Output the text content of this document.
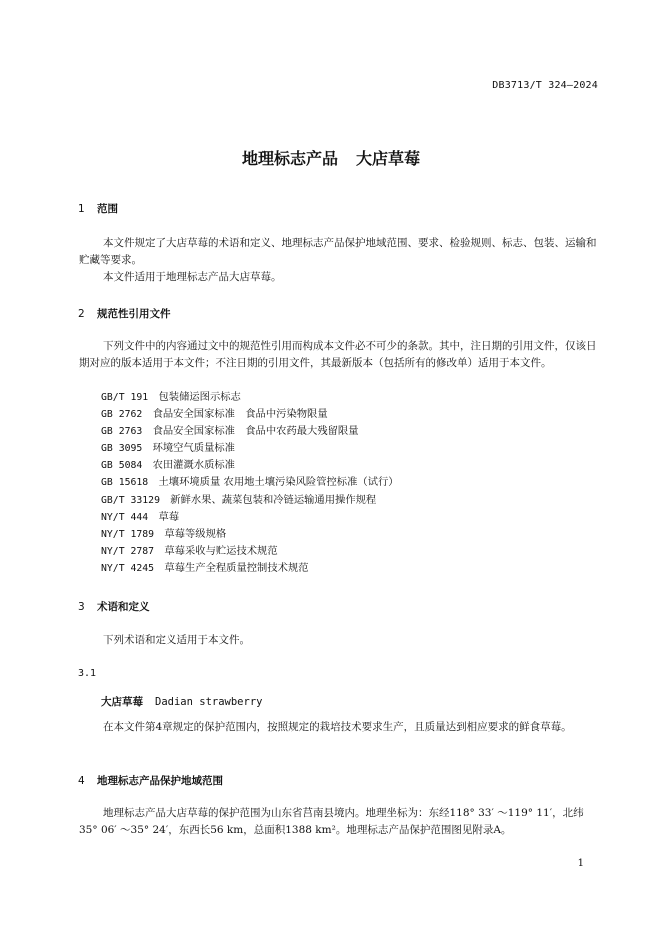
DB3713/T 324—2024
地理标志产品 大店草莓
1 范围
本文件规定了大店草莓的术语和定义、地理标志产品保护地域范围、要求、检验规则、标志、包装、运输和贮藏等要求。
本文件适用于地理标志产品大店草莓。
2 规范性引用文件
下列文件中的内容通过文中的规范性引用而构成本文件必不可少的条款。其中，注日期的引用文件，仅该日期对应的版本适用于本文件；不注日期的引用文件，其最新版本（包括所有的修改单）适用于本文件。
GB/T 191　 包装储运图示标志
GB 2762　 食品安全国家标准　食品中污染物限量
GB 2763　 食品安全国家标准　食品中农药最大残留限量
GB 3095　 环境空气质量标准
GB 5084　 农田灌溉水质标准
GB 15618　 土壤环境质量 农用地土壤污染风险管控标准（试行）
GB/T 33129　 新鲜水果、蔬菜包装和冷链运输通用操作规程
NY/T 444　 草莓
NY/T 1789　 草莓等级规格
NY/T 2787　 草莓采收与贮运技术规范
NY/T 4245　 草莓生产全程质量控制技术规范
3 术语和定义
下列术语和定义适用于本文件。
3.1
大店草莓 Dadian strawberry
在本文件第4章规定的保护范围内，按照规定的栽培技术要求生产，且质量达到相应要求的鲜食草莓。
4 地理标志产品保护地域范围
地理标志产品大店草莓的保护范围为山东省莒南县境内。地理坐标为：东经118° 33′ ～119° 11′，北纬35° 06′ ～35° 24′，东西长56 km，总面积1388 km²。地理标志产品保护范围图见附录A。
1
